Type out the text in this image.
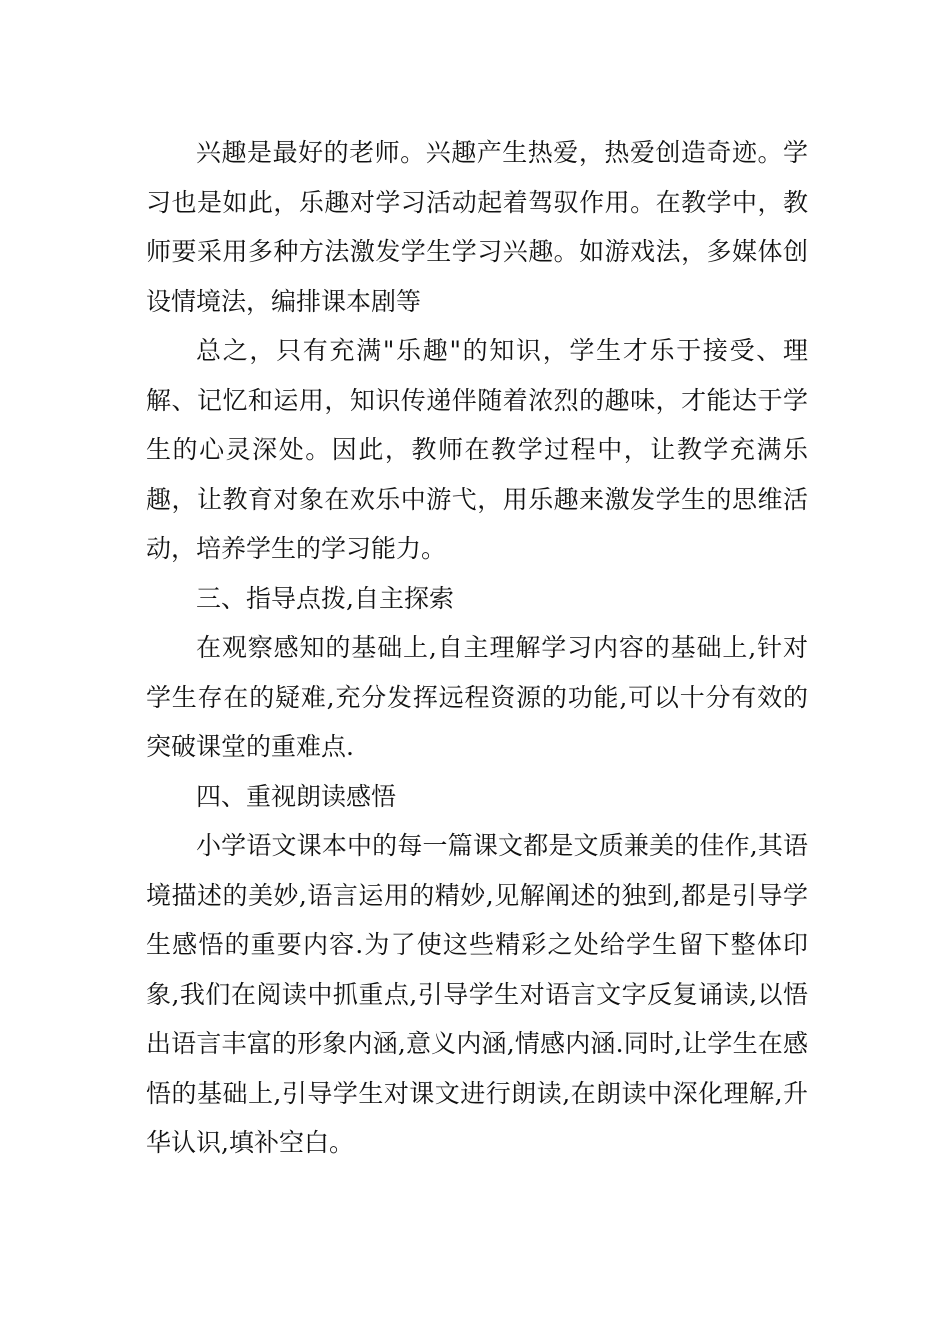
兴趣是最好的老师。兴趣产生热爱，热爱创造奇迹。学习也是如此，乐趣对学习活动起着驾驭作用。在教学中，教师要采用多种方法激发学生学习兴趣。如游戏法，多媒体创设情境法，编排课本剧等

总之，只有充满"乐趣"的知识，学生才乐于接受、理解、记忆和运用，知识传递伴随着浓烈的趣味，才能达于学生的心灵深处。因此，教师在教学过程中，让教学充满乐趣，让教育对象在欢乐中游弋，用乐趣来激发学生的思维活动，培养学生的学习能力。

三、指导点拨,自主探索

在观察感知的基础上,自主理解学习内容的基础上,针对学生存在的疑难,充分发挥远程资源的功能,可以十分有效的突破课堂的重难点.

四、重视朗读感悟

小学语文课本中的每一篇课文都是文质兼美的佳作,其语境描述的美妙,语言运用的精妙,见解阐述的独到,都是引导学生感悟的重要内容.为了使这些精彩之处给学生留下整体印象,我们在阅读中抓重点,引导学生对语言文字反复诵读,以悟出语言丰富的形象内涵,意义内涵,情感内涵.同时,让学生在感悟的基础上,引导学生对课文进行朗读,在朗读中深化理解,升华认识,填补空白。
